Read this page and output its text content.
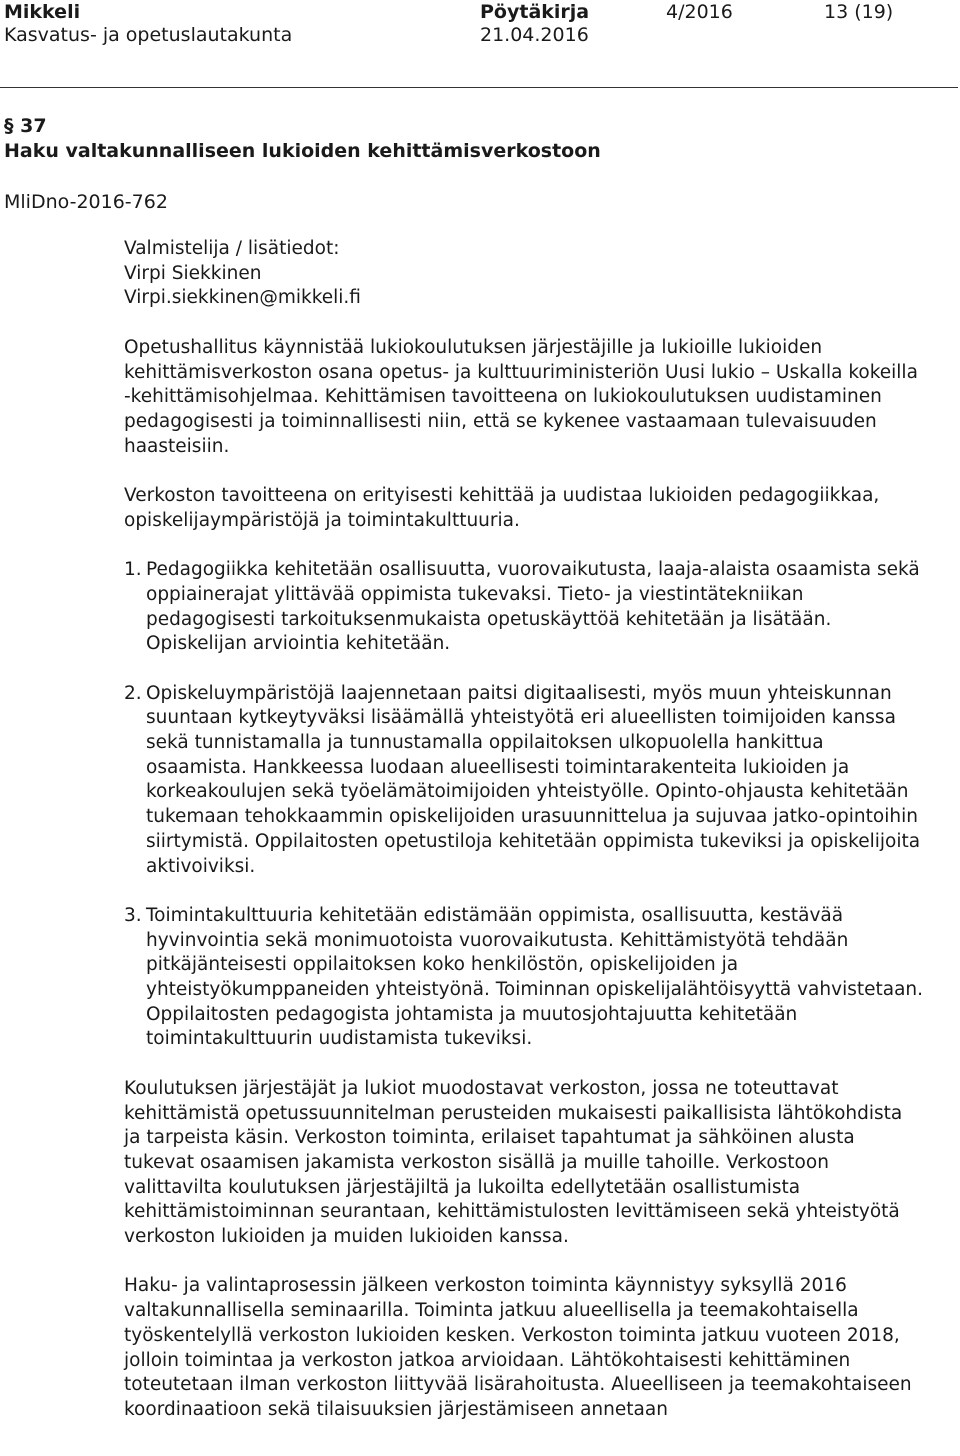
Mikkeli
Kasvatus- ja opetuslautakunta
Pöytäkirja
21.04.2016
4/2016	13 (19)
§ 37
Haku valtakunnalliseen lukioiden kehittämisverkostoon
MliDno-2016-762
Valmistelija / lisätiedot:
Virpi Siekkinen
Virpi.siekkinen@mikkeli.fi

Opetushallitus käynnistää lukiokoulutuksen järjestäjille ja lukioille lukioiden kehittämisverkoston osana opetus- ja kulttuuriministeriön Uusi lukio – Uskalla kokeilla -kehittämisohjelmaa. Kehittämisen tavoitteena on lukiokoulutuksen uudistaminen pedagogisesti ja toiminnallisesti niin, että se kykenee vastaamaan tulevaisuuden haasteisiin.

Verkoston tavoitteena on erityisesti kehittää ja uudistaa lukioiden pedagogiikkaa, opiskelijaympäristöjä ja toimintakulttuuria.

1. Pedagogiikka kehitetään osallisuutta, vuorovaikutusta, laaja-alaista osaamista sekä oppiainerajat ylittävää oppimista tukevaksi. Tieto- ja viestintätekniikan pedagogisesti tarkoituksenmukaista opetuskäyttöä kehitetään ja lisätään. Opiskelijan arviointia kehitetään.
2. Opiskeluympäristöjä laajennetaan paitsi digitaalisesti, myös muun yhteiskunnan suuntaan kytkeytyväksi lisäämällä yhteistyötä eri alueellisten toimijoiden kanssa sekä tunnistamalla ja tunnustamalla oppilaitoksen ulkopuolella hankittua osaamista. Hankkeessa luodaan alueellisesti toimintarakenteita lukioiden ja korkeakoulujen sekä työelämätoimijoiden yhteistyölle. Opinto-ohjausta kehitetään tukemaan tehokkaammin opiskelijoiden urasuunnittelua ja sujuvaa jatko-opintoihin siirtymistä. Oppilaitosten opetustiloja kehitetään oppimista tukeviksi ja opiskelijoita aktivoiviksi.
3. Toimintakulttuuria kehitetään edistämään oppimista, osallisuutta, kestävää hyvinvointia sekä monimuotoista vuorovaikutusta. Kehittämistyötä tehdään pitkäjänteisesti oppilaitoksen koko henkilöstön, opiskelijoiden ja yhteistyökumppaneiden yhteistyönä. Toiminnan opiskelijalähtöisyyttä vahvistetaan. Oppilaitosten pedagogista johtamista ja muutosjohtajuutta kehitetään toimintakulttuurin uudistamista tukeviksi.

Koulutuksen järjestäjät ja lukiot muodostavat verkoston, jossa ne toteuttavat kehittämistä opetussuunnitelman perusteiden mukaisesti paikallisista lähtökohdista ja tarpeista käsin. Verkoston toiminta, erilaiset tapahtumat ja sähköinen alusta tukevat osaamisen jakamista verkoston sisällä ja muille tahoille. Verkostoon valittavilta koulutuksen järjestäjiltä ja lukoilta edellytetään osallistumista kehittämistoiminnan seurantaan, kehittämistulosten levittämiseen sekä yhteistyötä verkoston lukioiden ja muiden lukioiden kanssa.

Haku- ja valintaprosessin jälkeen verkoston toiminta käynnistyy syksyllä 2016 valtakunnallisella seminaarilla. Toiminta jatkuu alueellisella ja teemakohtaisella työskentelyllä verkoston lukioiden kesken. Verkoston toiminta jatkuu vuoteen 2018, jolloin toimintaa ja verkoston jatkoa arvioidaan. Lähtökohtaisesti kehittäminen toteutetaan ilman verkoston liittyvää lisärahoitusta. Alueelliseen ja teemakohtaiseen koordinaatioon sekä tilaisuuksien järjestämiseen annetaan
